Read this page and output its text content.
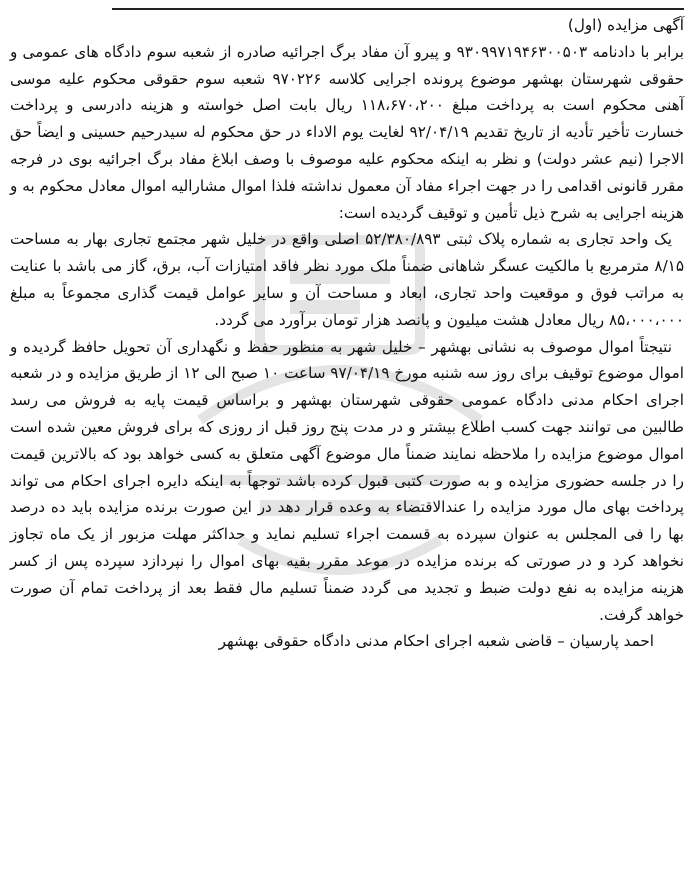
آگهی مزایده (اول)

برابر با دادنامه ۹۳۰۹۹۷۱۹۴۶۳۰۰۵۰۳ و پیرو آن مفاد برگ اجرائیه صادره از شعبه سوم دادگاه های عمومی و حقوقی شهرستان بهشهر موضوع پرونده اجرایی کلاسه ۹۷۰۲۲۶ شعبه سوم حقوقی محکوم علیه موسی آهنی محکوم است به پرداخت مبلغ ۱۱۸،۶۷۰،۲۰۰ ریال بابت اصل خواسته و هزینه دادرسی و پرداخت خسارت تأخیر تأدیه از تاریخ تقدیم ۹۲/۰۴/۱۹ لغایت یوم الاداء در حق محکوم له سیدرحیم حسینی و ایضاً حق الاجرا (نیم عشر دولت) و نظر به اینکه محکوم علیه موصوف با وصف ابلاغ مفاد برگ اجرائیه بوی در فرجه مقرر قانونی اقدامی را در جهت اجراء مفاد آن معمول نداشته فلذا اموال مشارالیه اموال معادل محکوم به و هزینه اجرایی به شرح ذیل تأمین و توقیف گردیده است:

یک واحد تجاری به شماره پلاک ثبتی ۵۲/۳۸۰/۸۹۳ اصلی واقع در خلیل شهر مجتمع تجاری بهار به مساحت ۸/۱۵ مترمربع با مالکیت عسگر شاهانی ضمناً ملک مورد نظر فاقد امتیازات آب، برق، گاز می باشد با عنایت به مراتب فوق و موقعیت واحد تجاری، ابعاد و مساحت آن و سایر عوامل قیمت گذاری مجموعاً به مبلغ ۸۵،۰۰۰،۰۰۰ ریال معادل هشت میلیون و پانصد هزار تومان برآورد می گردد.

نتیجتاً اموال موصوف به نشانی بهشهر – خلیل شهر به منظور حفظ و نگهداری آن تحویل حافظ گردیده و اموال موضوع توقیف برای روز سه شنبه مورخ ۹۷/۰۴/۱۹ ساعت ۱۰ صبح الی ۱۲ از طریق مزایده و در شعبه اجرای احکام مدنی دادگاه عمومی حقوقی شهرستان بهشهر و براساس قیمت پایه به فروش می رسد طالبین می توانند جهت کسب اطلاع بیشتر و در مدت پنج روز قبل از روزی که برای فروش معین شده است اموال موضوع مزایده را ملاحظه نمایند ضمناً مال موضوع آگهی متعلق به کسی خواهد بود که بالاترین قیمت را در جلسه حضوری مزایده و به صورت کتبی قبول کرده باشد توجهاً به اینکه دایره اجرای احکام می تواند پرداخت بهای مال مورد مزایده را عندالاقتضاء به وعده قرار دهد در این صورت برنده مزایده باید ده درصد بها را فی المجلس به عنوان سپرده به قسمت اجراء تسلیم نماید و حداکثر مهلت مزبور از یک ماه تجاوز نخواهد کرد و در صورتی که برنده مزایده در موعد مقرر بقیه بهای اموال را نپردازد سپرده پس از کسر هزینه مزایده به نفع دولت ضبط و تجدید می گردد ضمناً تسلیم مال فقط بعد از پرداخت تمام آن صورت خواهد گرفت.

احمد پارسیان – قاضی شعبه اجرای احکام مدنی دادگاه حقوقی بهشهر
